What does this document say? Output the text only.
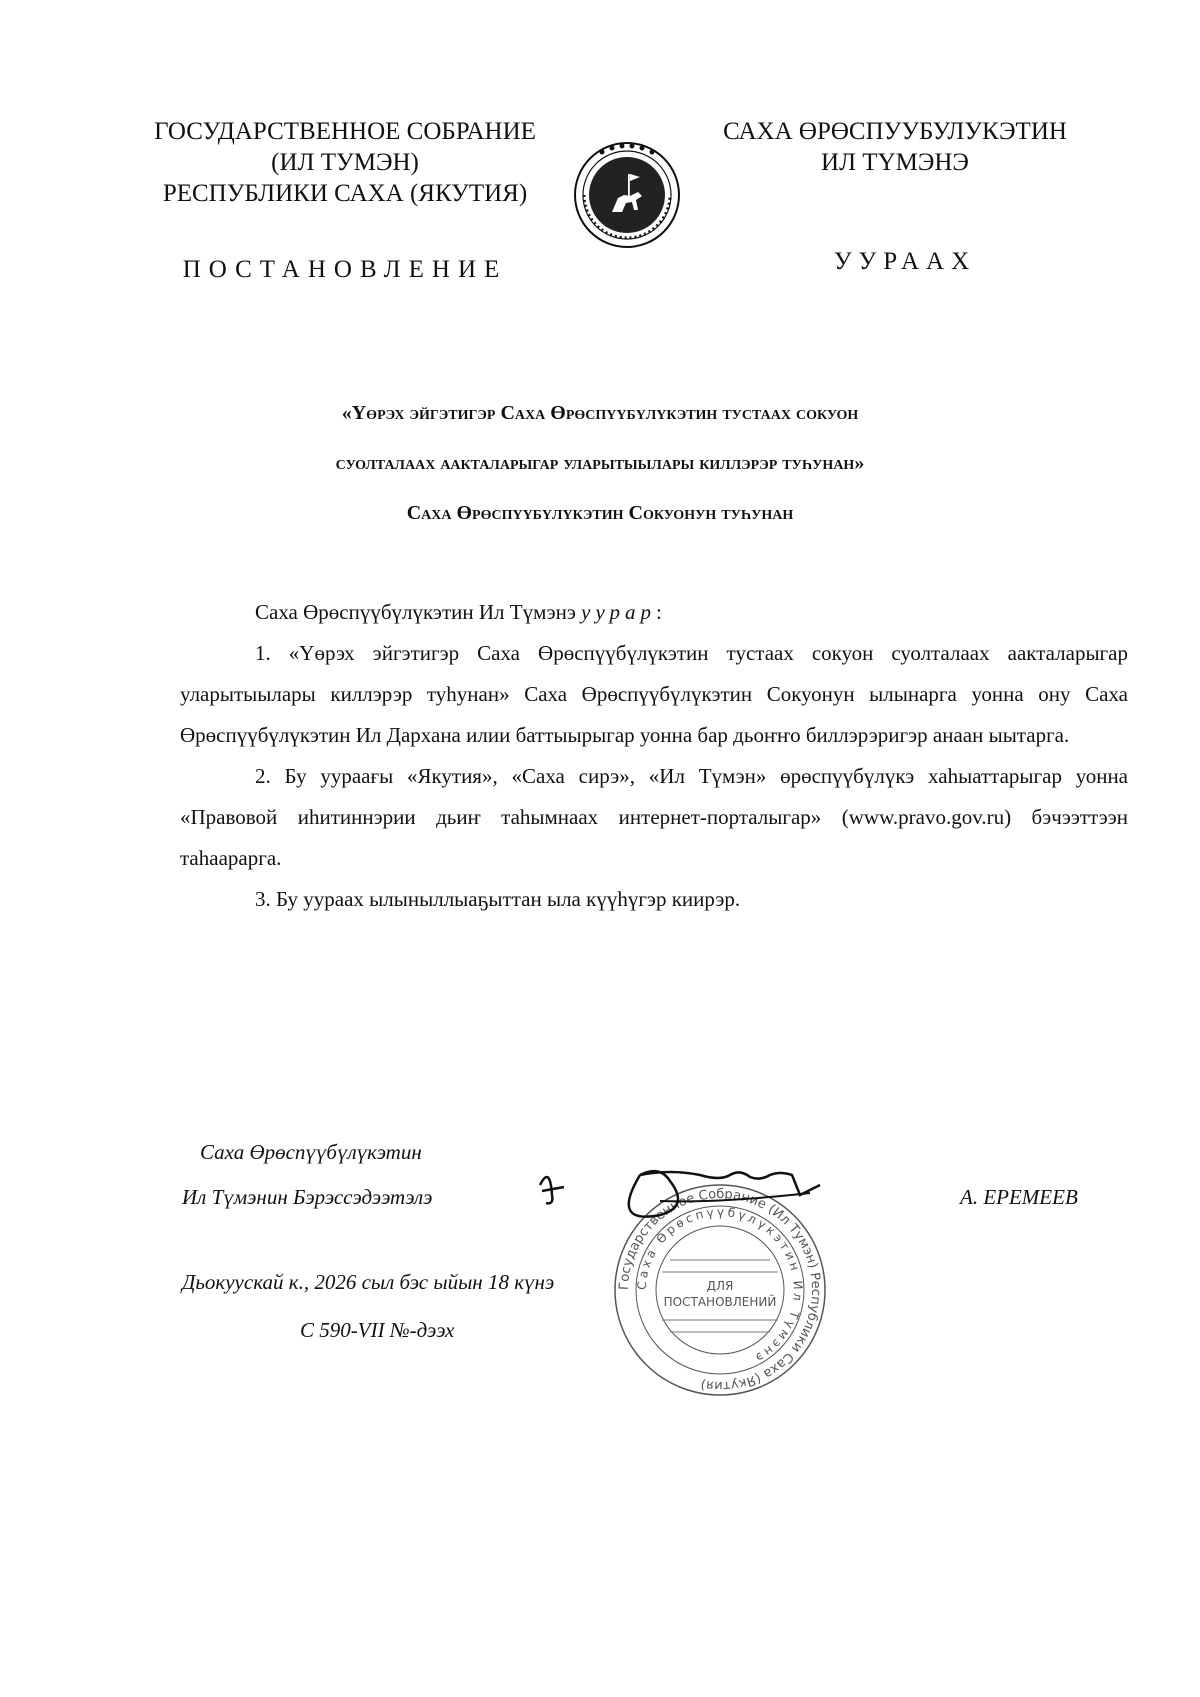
ГОСУДАРСТВЕННОЕ СОБРАНИЕ
(ИЛ ТУМЭН)
РЕСПУБЛИКИ САХА (ЯКУТИЯ)
САХА ӨРӨСПУУБУЛУКЭТИН
ИЛ ТҮМЭНЭ
ПОСТАНОВЛЕНИЕ	УУРААХ
«Үөрэх эйгэтигэр Саха Өрөспүүбүлүкэтин тустаах сокуон
суолталаах аакталарыгар уларытыылары киллэрэр туһунан»
Саха Өрөспүүбүлүкэтин Сокуонун туһунан

Саха Өрөспүүбүлүкэтин Ил Түмэнэ уурар:

1. «Үөрэх эйгэтигэр Саха Өрөспүүбүлүкэтин тустаах сокуон суолталаах аакталарыгар уларытыылары киллэрэр туһунан» Саха Өрөспүүбүлүкэтин Сокуонун ылынарга уонна ону Саха Өрөспүүбүлүкэтин Ил Дархана илии баттыырыгар уонна бар дьоҥҥо биллэрэригэр анаан ыытарга.

2. Бу уураағы «Якутия», «Саха сирэ», «Ил Түмэн» өрөспүүбүлүкэ хаһыаттарыгар уонна «Правовой иһитиннэрии дьиҥ таһымнаах интернет-порталыгар» (www.pravo.gov.ru) бэчээттээн таһаарарга.

3. Бу уураах ылыныллыаҕыттан ыла күүһүгэр киирэр.

Саха Өрөспүүбүлүкэтин
Ил Түмэнин Бэрэссэдээтэлэ	А. ЕРЕМЕЕВ
Государственное Собрание (Ил Тумэн) Республики Саха (Якутия)
Саха Өрөспүүбүлүкэтин Ил Түмэнэ
ДЛЯ
ПОСТАНОВЛЕНИЙ
Дьокуускай к., 2026 сыл бэс ыйын 18 күнэ
С 590-VII №-дээх
